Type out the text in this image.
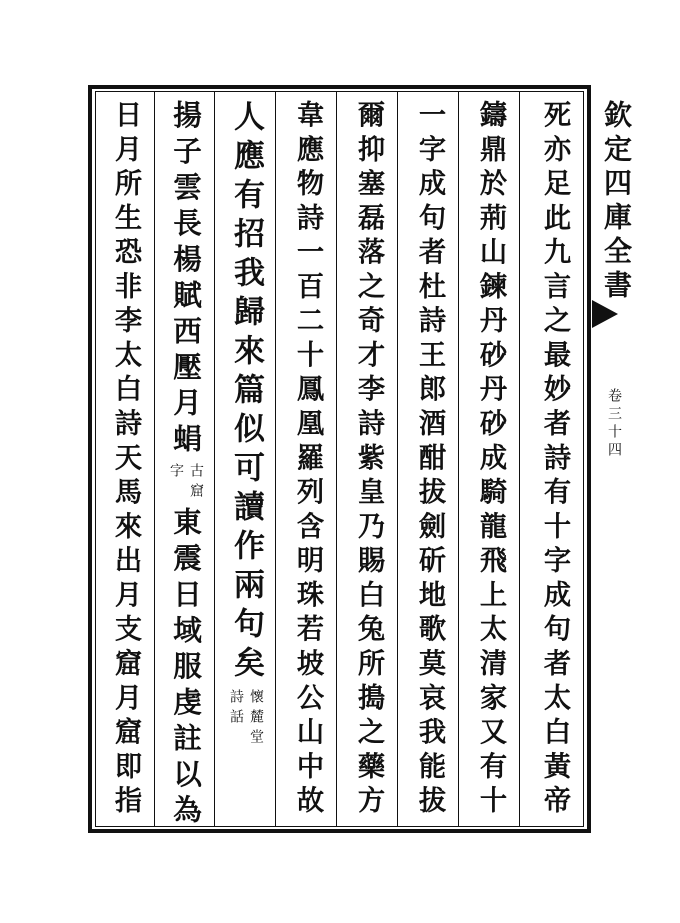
欽定四庫全書
卷三十四
死亦足此九言之最妙者詩有十字成句者太白黃帝
鑄鼎於荊山鍊丹砂丹砂成騎龍飛上太清家又有十
一字成句者杜詩王郎酒酣拔劍斫地歌莫哀我能拔
爾抑塞磊落之奇才李詩紫皇乃賜白兔所搗之藥方
韋應物詩一百二十鳳凰羅列含明珠若坡公山中故
人應有招我歸來篇似可讀作兩句矣
懷麓堂
詩話
揚子雲長楊賦西壓月蜎
古窟
字
東震日域服虔註以為
日月所生恐非李太白詩天馬來出月支窟月窟即指
